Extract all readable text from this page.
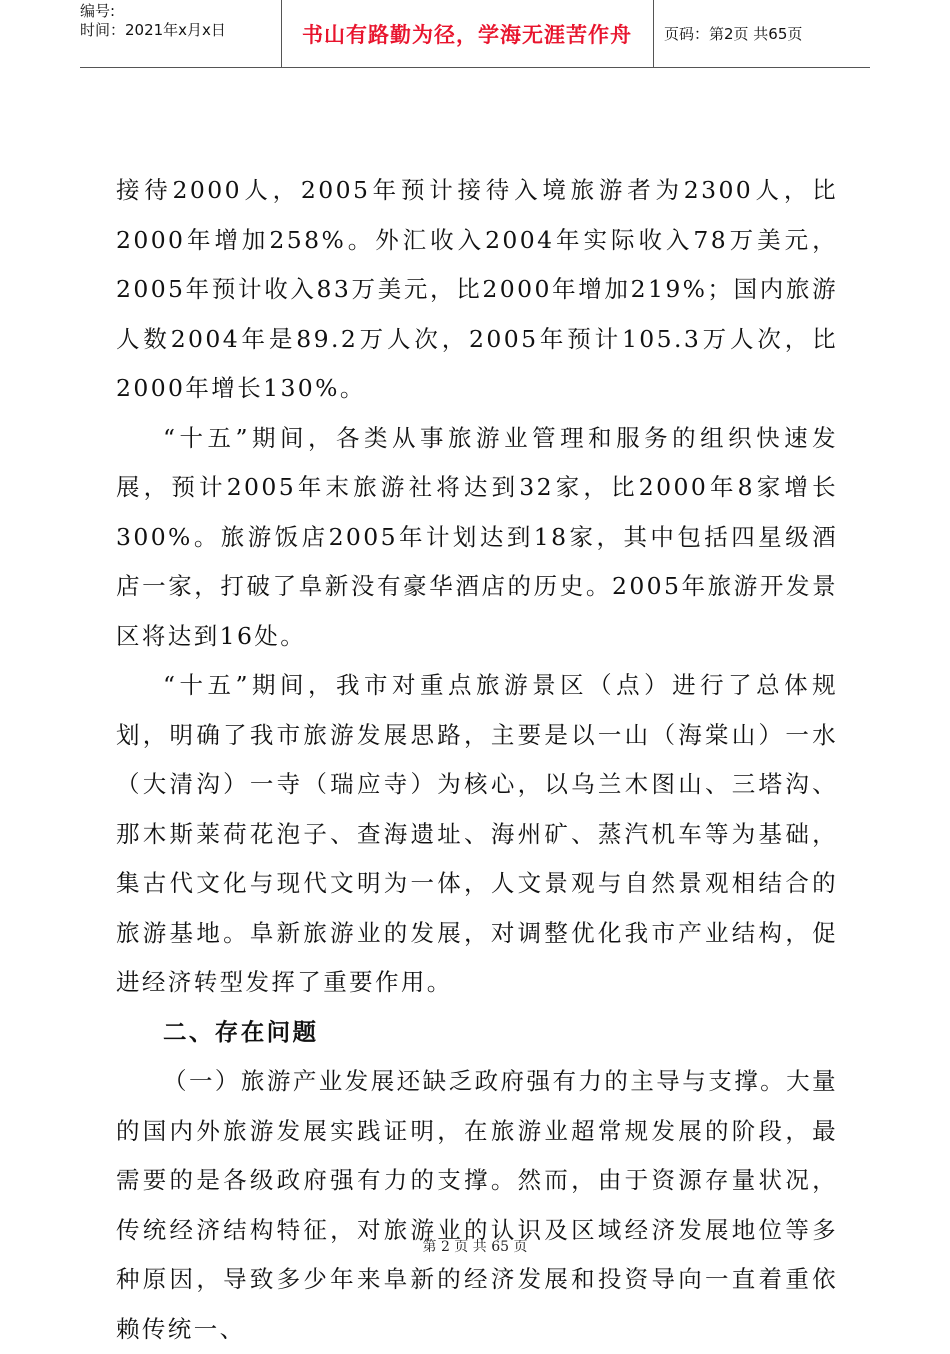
编号:
时间：2021年x月x日	书山有路勤为径，学海无涯苦作舟	页码：第2页 共65页

接待2000人，2005年预计接待入境旅游者为2300人，比2000年增加258%。外汇收入2004年实际收入78万美元，2005年预计收入83万美元，比2000年增加219%；国内旅游人数2004年是89.2万人次，2005年预计105.3万人次，比2000年增长130%。

“十五”期间，各类从事旅游业管理和服务的组织快速发展，预计2005年末旅游社将达到32家，比2000年8家增长300%。旅游饭店2005年计划达到18家，其中包括四星级酒店一家，打破了阜新没有豪华酒店的历史。2005年旅游开发景区将达到16处。

“十五”期间，我市对重点旅游景区（点）进行了总体规划，明确了我市旅游发展思路，主要是以一山（海棠山）一水（大清沟）一寺（瑞应寺）为核心，以乌兰木图山、三塔沟、那木斯莱荷花泡子、查海遗址、海州矿、蒸汽机车等为基础，集古代文化与现代文明为一体，人文景观与自然景观相结合的旅游基地。阜新旅游业的发展，对调整优化我市产业结构，促进经济转型发挥了重要作用。

二、存在问题

（一）旅游产业发展还缺乏政府强有力的主导与支撑。大量的国内外旅游发展实践证明，在旅游业超常规发展的阶段，最需要的是各级政府强有力的支撑。然而，由于资源存量状况，传统经济结构特征，对旅游业的认识及区域经济发展地位等多种原因，导致多少年来阜新的经济发展和投资导向一直着重依赖传统一、

第 2 页 共 65 页
